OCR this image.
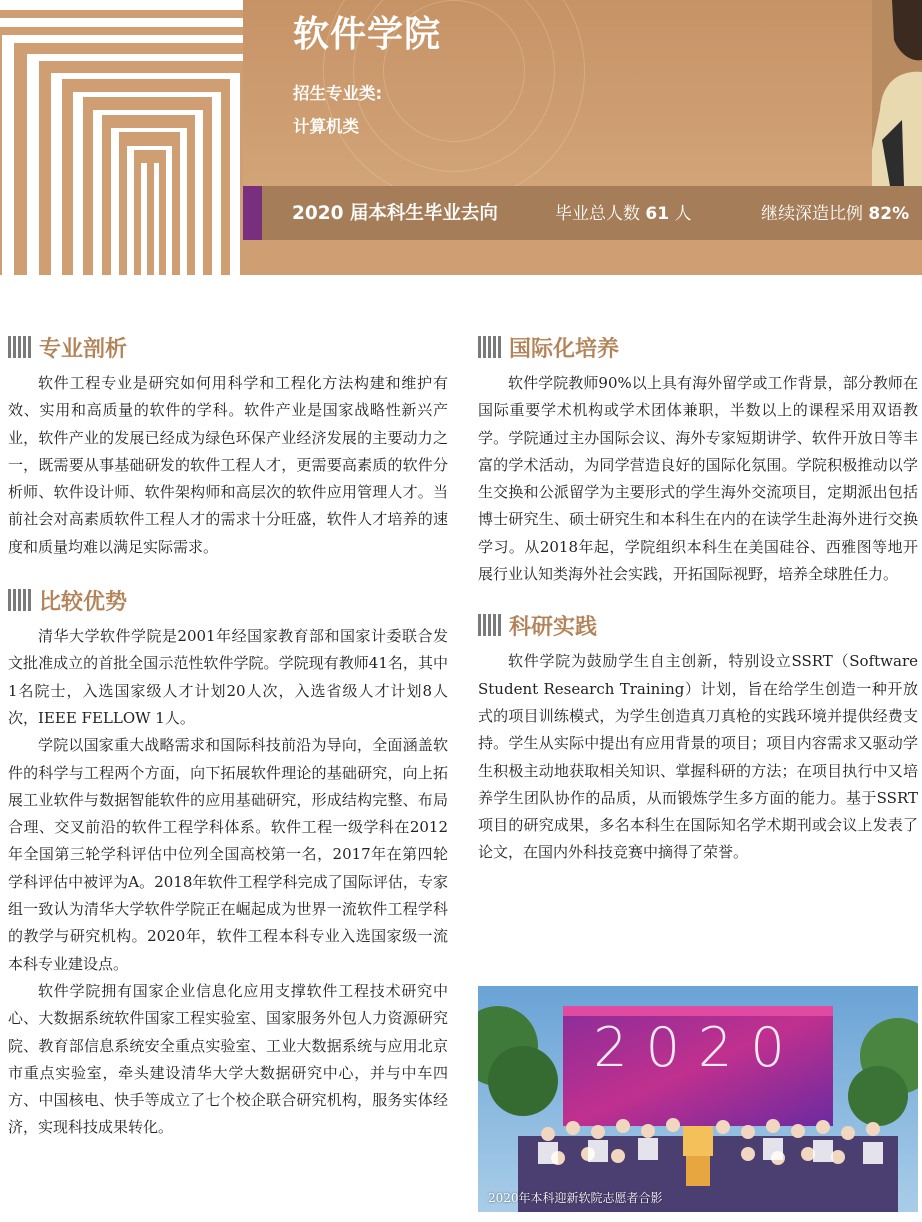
软件学院
招生专业类:
计算机类
2020 届本科生毕业去向	毕业总人数 61 人	继续深造比例 82%
专业剖析

软件工程专业是研究如何用科学和工程化方法构建和维护有效、实用和高质量的软件的学科。软件产业是国家战略性新兴产业，软件产业的发展已经成为绿色环保产业经济发展的主要动力之一，既需要从事基础研发的软件工程人才，更需要高素质的软件分析师、软件设计师、软件架构师和高层次的软件应用管理人才。当前社会对高素质软件工程人才的需求十分旺盛，软件人才培养的速度和质量均难以满足实际需求。

比较优势

清华大学软件学院是2001年经国家教育部和国家计委联合发文批准成立的首批全国示范性软件学院。学院现有教师41名，其中1名院士，入选国家级人才计划20人次，入选省级人才计划8人次，IEEE FELLOW 1人。

学院以国家重大战略需求和国际科技前沿为导向，全面涵盖软件的科学与工程两个方面，向下拓展软件理论的基础研究，向上拓展工业软件与数据智能软件的应用基础研究，形成结构完整、布局合理、交叉前沿的软件工程学科体系。软件工程一级学科在2012年全国第三轮学科评估中位列全国高校第一名，2017年在第四轮学科评估中被评为A。2018年软件工程学科完成了国际评估，专家组一致认为清华大学软件学院正在崛起成为世界一流软件工程学科的教学与研究机构。2020年，软件工程本科专业入选国家级一流本科专业建设点。

软件学院拥有国家企业信息化应用支撑软件工程技术研究中心、大数据系统软件国家工程实验室、国家服务外包人力资源研究院、教育部信息系统安全重点实验室、工业大数据系统与应用北京市重点实验室，牵头建设清华大学大数据研究中心，并与中车四方、中国核电、快手等成立了七个校企联合研究机构，服务实体经济，实现科技成果转化。

国际化培养

软件学院教师90%以上具有海外留学或工作背景，部分教师在国际重要学术机构或学术团体兼职，半数以上的课程采用双语教学。学院通过主办国际会议、海外专家短期讲学、软件开放日等丰富的学术活动，为同学营造良好的国际化氛围。学院积极推动以学生交换和公派留学为主要形式的学生海外交流项目，定期派出包括博士研究生、硕士研究生和本科生在内的在读学生赴海外进行交换学习。从2018年起，学院组织本科生在美国硅谷、西雅图等地开展行业认知类海外社会实践，开拓国际视野，培养全球胜任力。

科研实践

软件学院为鼓励学生自主创新，特别设立SSRT（Software Student Research Training）计划，旨在给学生创造一种开放式的项目训练模式，为学生创造真刀真枪的实践环境并提供经费支持。学生从实际中提出有应用背景的项目；项目内容需求又驱动学生积极主动地获取相关知识、掌握科研的方法；在项目执行中又培养学生团队协作的品质，从而锻炼学生多方面的能力。基于SSRT项目的研究成果，多名本科生在国际知名学术期刊或会议上发表了论文，在国内外科技竞赛中摘得了荣誉。

2020
2020年本科迎新软院志愿者合影
